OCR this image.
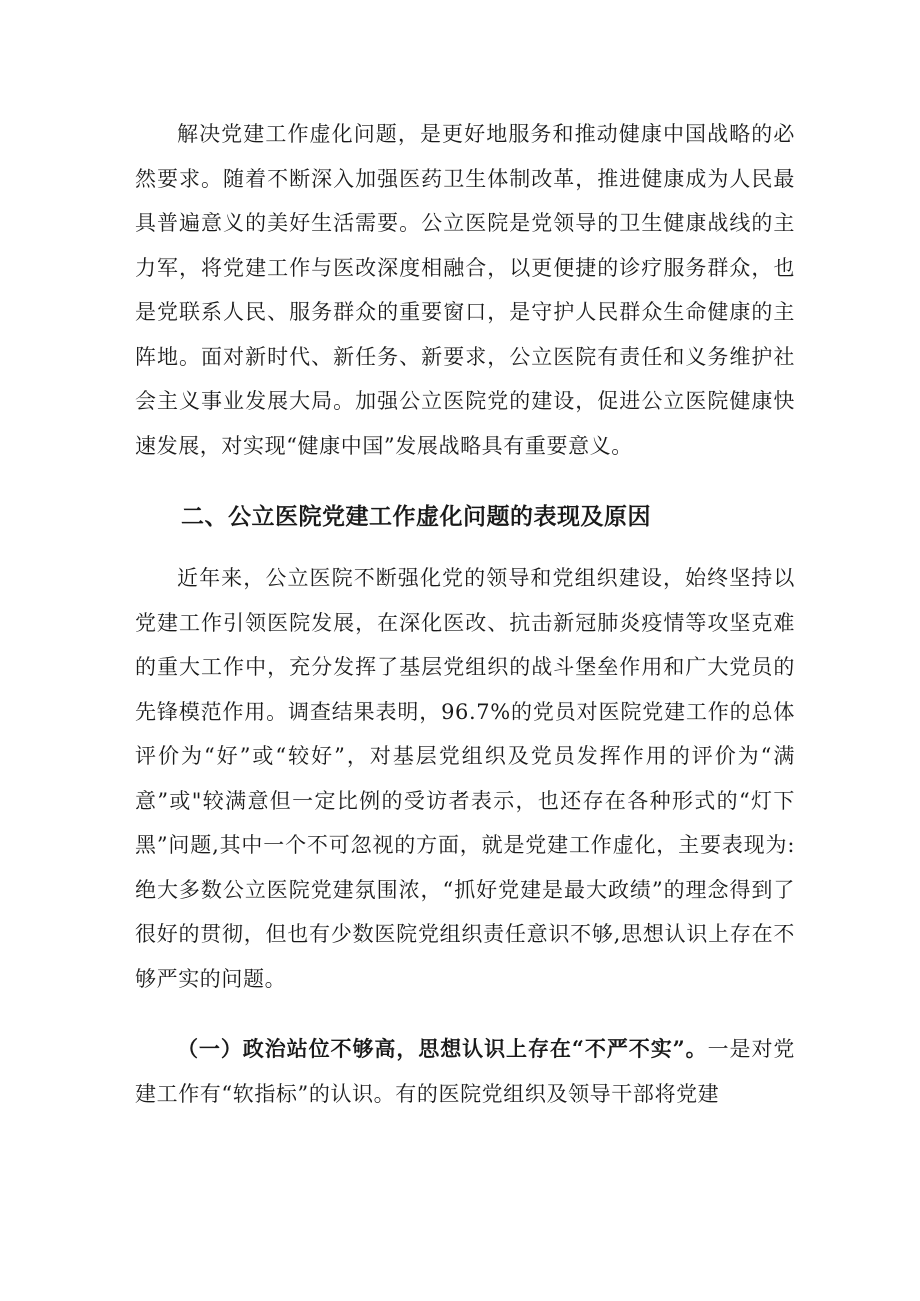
解决党建工作虚化问题，是更好地服务和推动健康中国战略的必然要求。随着不断深入加强医药卫生体制改革，推进健康成为人民最具普遍意义的美好生活需要。公立医院是党领导的卫生健康战线的主力军，将党建工作与医改深度相融合，以更便捷的诊疗服务群众，也是党联系人民、服务群众的重要窗口，是守护人民群众生命健康的主阵地。面对新时代、新任务、新要求，公立医院有责任和义务维护社会主义事业发展大局。加强公立医院党的建设，促进公立医院健康快速发展，对实现“健康中国”发展战略具有重要意义。

二、公立医院党建工作虚化问题的表现及原因

近年来，公立医院不断强化党的领导和党组织建设，始终坚持以党建工作引领医院发展，在深化医改、抗击新冠肺炎疫情等攻坚克难的重大工作中，充分发挥了基层党组织的战斗堡垒作用和广大党员的先锋模范作用。调查结果表明，96.7%的党员对医院党建工作的总体评价为“好”或“较好”，对基层党组织及党员发挥作用的评价为“满意”或"较满意但一定比例的受访者表示，也还存在各种形式的“灯下黑”问题,其中一个不可忽视的方面，就是党建工作虚化，主要表现为:绝大多数公立医院党建氛围浓，“抓好党建是最大政绩”的理念得到了很好的贯彻，但也有少数医院党组织责任意识不够,思想认识上存在不够严实的问题。

（一）政治站位不够高，思想认识上存在“不严不实”。一是对党建工作有“软指标”的认识。有的医院党组织及领导干部将党建
